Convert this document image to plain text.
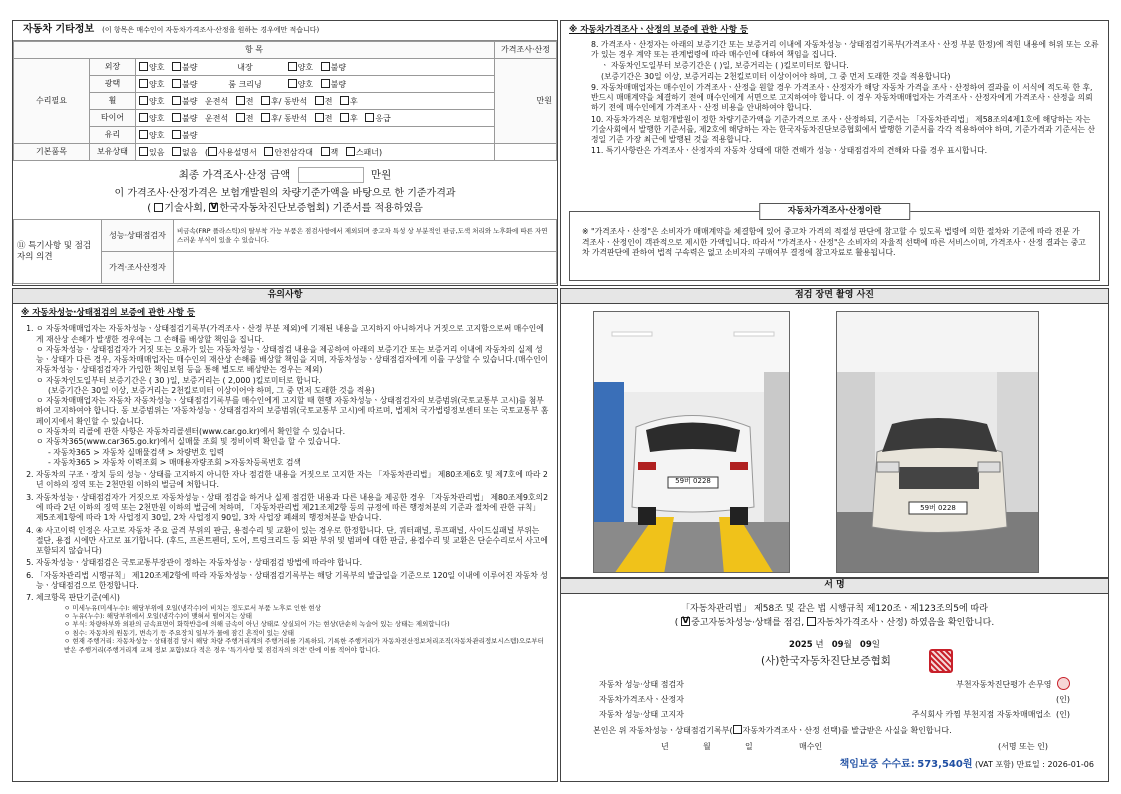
자동차 기타정보 (이 항목은 매수인이 자동차가격조사·산정을 원하는 경우에만 적습니다)
항 목			가격조사·산정
수리필요	외장	양호 불량 내장 양호 불량	만원
	광택	양호 불량 룸 크리닝 양호 불량	
	휠	양호 불량 운전석 전 후/ 동반석 전 후	
	타이어	양호 불량 운전석 전 후/ 동반석 전 후 응급	
	유리	양호 불량	
기본품목	보유상태	있음 없음 ( 사용설명서 안전삼각대 잭 스패너)	
최종 가격조사·산정 금액	만원
이 가격조사·산정가격은 보험개발원의 차량기준가액을 바탕으로 한 기준가격과
( 기술사회, V 한국자동차진단보증협회) 기준서를 적용하였음
⑪ 특기사항 및 점검자의 의견	성능·상태점검자	비금속(FRP 플라스틱)의 탈부착 가능 부품은 점검사항에서 제외되며 중고차 특성 상 부분적인 판금,도색 처리와 노후화에 따른 자연스러운 부식이 있을 수 있습니다.
	가격·조사산정자	
※ 자동차가격조사ㆍ산정의 보증에 관한 사항 등

8. 가격조사ㆍ산정자는 아래의 보증기간 또는 보증거리 이내에 자동차성능ㆍ상태점검기록부(가격조사ㆍ산정 부분 한정)에 적힌 내용에 허위 또는 오류가 있는 경우 계약 또는 관계법령에 따라 매수인에 대하여 책임을 집니다.

ㆍ 자동차인도일부터 보증기간은 ( )일, 보증거리는 ( )킬로미터로 합니다.

(보증기간은 30일 이상, 보증거리는 2천킬로미터 이상이어야 하며, 그 중 먼저 도래한 것을 적용합니다)

9. 자동차매매업자는 매수인이 가격조사ㆍ산정을 원할 경우 가격조사ㆍ산정자가 해당 자동차 가격을 조사ㆍ산정하여 결과를 이 서식에 적도록 한 후, 반드시 매매계약을 체결하기 전에 매수인에게 서면으로 고지하여야 합니다. 이 경우 자동차매매업자는 가격조사ㆍ산정자에게 가격조사ㆍ산정을 의뢰하기 전에 매수인에게 가격조사ㆍ산정 비용을 안내하여야 합니다.

10. 자동차가격은 보험개발원이 정한 차량기준가액을 기준가격으로 조사ㆍ산정하되, 기준서는 「자동차관리법」 제58조의4제1호에 해당하는 자는 기술사회에서 발행한 기준서를, 제2호에 해당하는 자는 한국자동차진단보증협회에서 발행한 기준서를 각각 적용하여야 하며, 기준가격과 기준서는 산정일 기준 가장 최근에 발행된 것을 적용합니다.

11. 특기사항란은 가격조사ㆍ산정자의 자동차 상태에 대한 견해가 성능ㆍ상태점검자의 견해와 다를 경우 표시합니다.

자동차가격조사·산정이란
※ "가격조사ㆍ산정"은 소비자가 매매계약을 체결함에 있어 중고차 가격의 적절성 판단에 참고할 수 있도록 법령에 의한 절차와 기준에 따라 전문 가격조사ㆍ산정인이 객관적으로 제시한 가액입니다. 따라서 "가격조사ㆍ산정"은 소비자의 자율적 선택에 따른 서비스이며, 가격조사ㆍ산정 결과는 중고차 가격판단에 관하여 법적 구속력은 없고 소비자의 구매여부 결정에 참고자료로 활용됩니다.
유의사항
※ 자동차성능·상태점검의 보증에 관한 사항 등
1. ㅇ 자동차매매업자는 자동차성능ㆍ상태점검기록부(가격조사ㆍ산정 부분 제외)에 기재된 내용을 고지하지 아니하거나 거짓으로 고지함으로써 매수인에게 재산상 손해가 발생한 경우에는 그 손해를 배상할 책임을 집니다.
ㅇ 자동차성능ㆍ상태점검자가 거짓 또는 오류가 있는 자동차성능ㆍ상태점검 내용을 제공하여 아래의 보증기간 또는 보증거리 이내에 자동차의 실제 성능ㆍ상태가 다른 경우, 자동차매매업자는 매수인의 재산상 손해를 배상할 책임을 지며, 자동차성능ㆍ상태점검자에게 이를 구상할 수 있습니다.(매수인이 자동차성능ㆍ상태점검자가 가입한 책임보험 등을 통해 별도로 배상받는 경우는 제외)
ㅇ 자동차인도일부터 보증기간은 ( 30 )일, 보증거리는 ( 2,000 )킬로미터로 합니다.
(보증기간은 30일 이상, 보증거리는 2천킬로미터 이상이어야 하며, 그 중 먼저 도래한 것을 적용)
ㅇ 자동차매매업자는 자동차 자동차성능ㆍ상태점검기록부를 매수인에게 고지할 때 현행 자동차성능ㆍ상태점검자의 보증범위(국토교통부 고시)를 첨부하여 고지하여야 합니다. 동 보증범위는 '자동차성능ㆍ상태점검자의 보증범위(국토교통부 고시)에 따르며, 법제처 국가법령정보센터 또는 국토교통부 홈페이지에서 확인할 수 있습니다.
ㅇ 자동차의 리콜에 관한 사항은 자동차리콜센터(www.car.go.kr)에서 확인할 수 있습니다.
ㅇ 자동차365(www.car365.go.kr)에서 실매물 조회 및 정비이력 확인을 할 수 있습니다.
- 자동차365 > 자동차 실매물검색 > 차량번호 입력
- 자동차365 > 자동차 이력조회 > 매매용자량조회 >자동차등록번호 검색
2. 자동차의 구조ㆍ장치 등의 성능ㆍ상태를 고지하지 아니한 자나 점검한 내용을 거짓으로 고지한 자는 「자동차관리법」 제80조제6호 및 제7호에 따라 2년 이하의 징역 또는 2천만원 이하의 벌금에 처합니다.
3. 자동차성능ㆍ상태점검자가 거짓으로 자동차성능ㆍ상태 점검을 하거나 실제 점검한 내용과 다른 내용을 제공한 경우 「자동차관리법」 제80조제9호의2에 따라 2년 이하의 징역 또는 2천만원 이하의 벌금에 처하며, 「자동차관리법 제21조제2항 등의 규정에 따른 행정처분의 기준과 절차에 관한 규칙」 제5조제1항에 따라 1차 사업정지 30일, 2차 사업정지 90일, 3차 사업장 폐쇄의 행정처분을 받습니다.
4. ④ 사고이력 인정은 사고로 자동차 주요 골격 부위의 판금, 용접수리 및 교환이 있는 경우로 한정합니다. 단, 쿼터패널, 루프패널, 사이드실패널 부위는 절단, 용접 시에만 사고로 표기합니다. (후드, 프론트펜더, 도어, 트렁크리드 등 외판 부위 및 범퍼에 대한 판금, 용접수리 및 교환은 단순수리로서 사고에 포함되지 않습니다)
5. 자동차성능ㆍ상태점검은 국토교통부장관이 정하는 자동차성능ㆍ상태점검 방법에 따라야 합니다.
6. 「자동차관리법 시행규칙」 제120조제2항에 따라 자동차성능ㆍ상태점검기록부는 해당 기록부의 발급일을 기준으로 120일 이내에 이루어진 자동차 성능ㆍ상태점검으로 한정합니다.
7. 체크항목 판단기준(예시)
ㅇ 미세누유(미세누수): 해당부위에 오일(냉각수)이 비치는 정도로서 부품 노후로 인한 현상
ㅇ 누유(누수): 해당부위에서 오일(냉각수)이 맺혀서 떨어지는 상태
ㅇ 부식: 차량하부와 외판의 금속표면이 화학반응에 의해 금속이 아닌 상태로 상실되어 가는 현상(단순히 녹슬어 있는 상태는 제외합니다)
ㅇ 침수: 자동차의 원동기, 변속기 등 주요장치 일부가 물에 잠긴 흔적이 있는 상태
ㅇ 현재 주행거리: 자동차성능ㆍ상태점검 당시 해당 차량 주행거리계의 주행거리를 기록하되, 기록한 주행거리가 자동차전산정보처리조직(자동차관리정보시스템)으로부터 받은 주행거리(주행거리계 교체 정보 포함)보다 적은 경우 '특기사항 및 점검자의 의견' 란에 이를 적어야 합니다.
점검 장면 촬영 사진
59버 0228
59버 0228
서 명
「자동차관리법」 제58조 및 같은 법 시행규칙 제120조ㆍ제123조의5에 따라
( V중고자동차성능·상태를 점검, 자동차가격조사ㆍ산정) 하였음을 확인합니다.
2025 년 09월 09일
(사)한국자동차진단보증협회
자동차 성능·상태 점검자	부천자동차진단평가 손무영
자동차가격조사ㆍ산정자	(인)
자동차 성능·상태 고지자	주식회사 카찜 부천지점 자동차매매업소 (인)
본인은 위 자동차성능ㆍ상태점검기록부( 자동차가격조사ㆍ산정 선택)를 발급받은 사실을 확인합니다.
년	월	일	매수인	(서명 또는 인)
책임보증 수수료: 573,540원 (VAT 포함) 만료일 : 2026-01-06
